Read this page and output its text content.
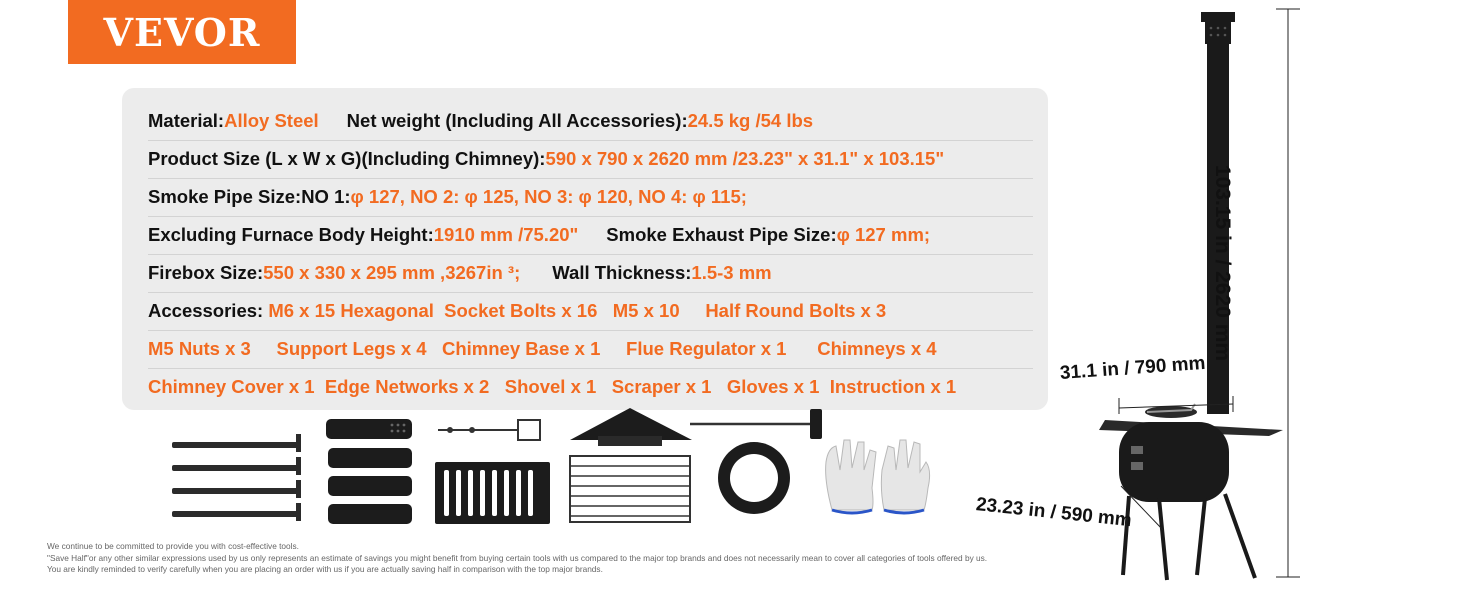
VEVOR
Material: Alloy Steel Net weight (Including All Accessories): 24.5 kg /54 lbs
Product Size (L x W x G)(Including Chimney): 590 x 790 x 2620 mm /23.23" x 31.1" x 103.15"
Smoke Pipe Size:NO 1: φ 127, NO 2: φ 125, NO 3: φ 120, NO 4: φ 115;
Excluding Furnace Body Height: 1910 mm /75.20" Smoke Exhaust Pipe Size: φ 127 mm;
Firebox Size: 550 x 330 x 295 mm ,3267in ³; Wall Thickness: 1.5-3 mm
Accessories: M6 x 15 Hexagonal  Socket Bolts x 16   M5 x 10     Half Round Bolts x 3
M5 Nuts x 3     Support Legs x 4   Chimney Base x 1     Flue Regulator x 1      Chimneys x 4
Chimney Cover x 1  Edge Networks x 2   Shovel x 1   Scraper x 1   Gloves x 1  Instruction x 1
103.15 in / 2620 mm
31.1 in / 790 mm
23.23 in / 590 mm
We continue to be committed to provide you with cost-effective tools.
"Save Half"or any other similar expressions used by us only represents an estimate of savings you might benefit from buying certain tools with us compared to the major top brands and does not necessarily mean to cover all categories of tools offered by us.
You are kindly reminded to verify carefully when you are placing an order with us if you are actually saving half in comparison with the top major brands.
